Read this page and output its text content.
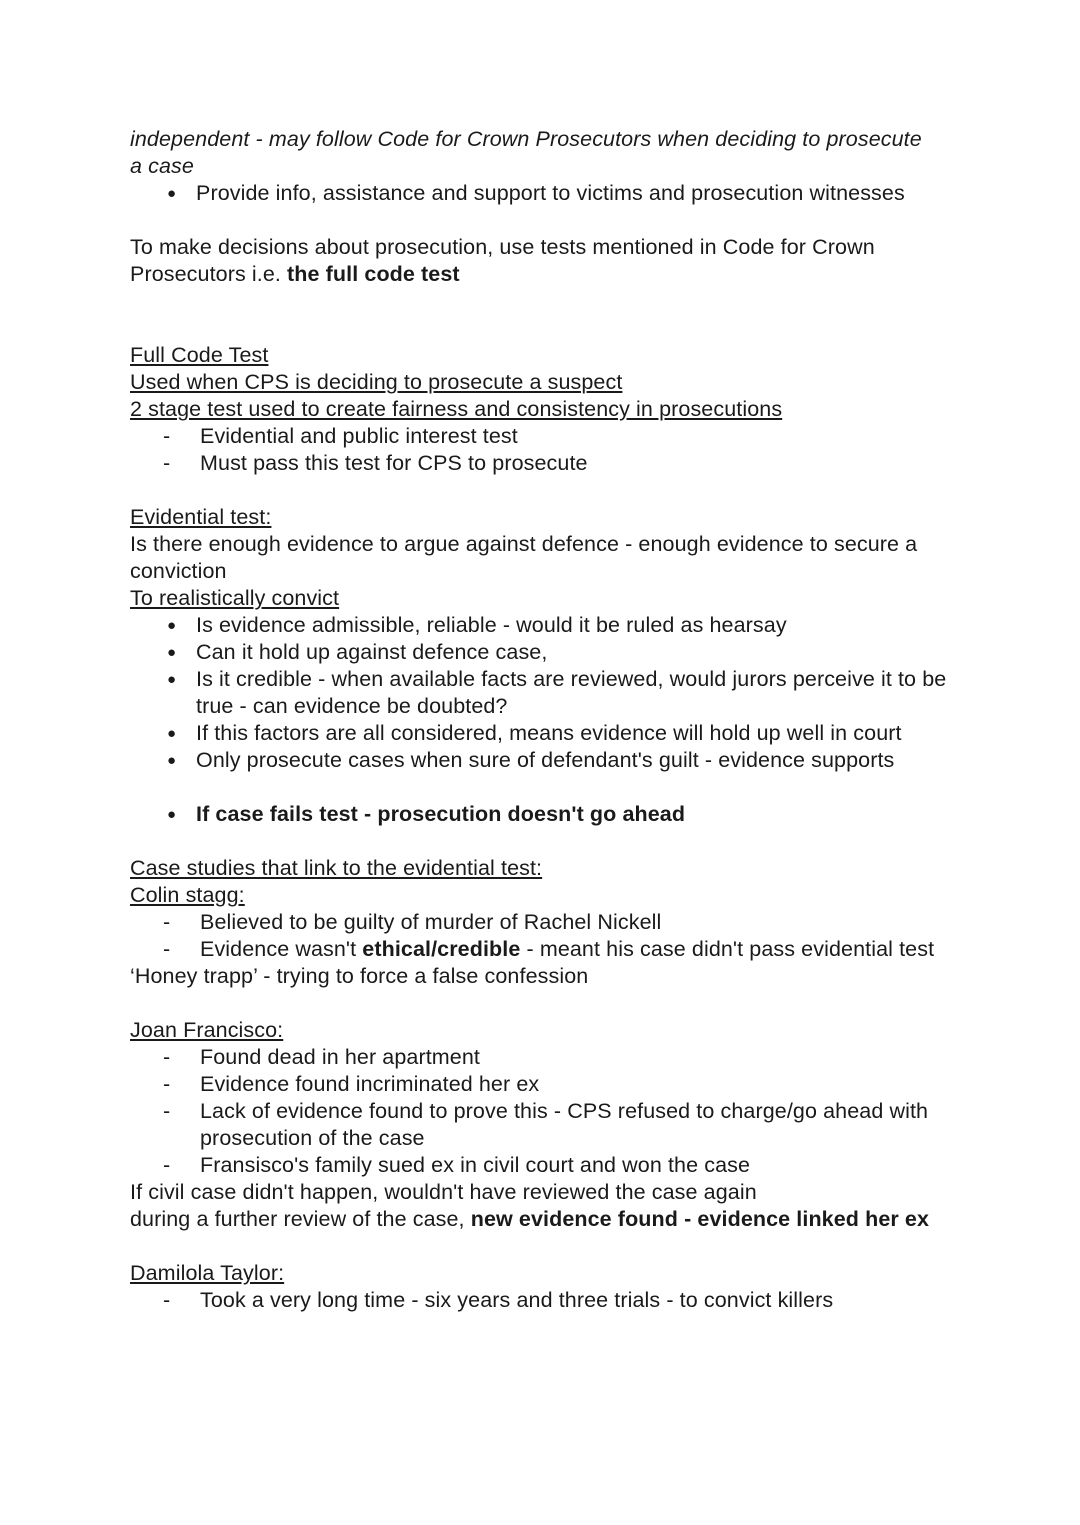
independent - may follow Code for Crown Prosecutors when deciding to prosecute a case

● Provide info, assistance and support to victims and prosecution witnesses

To make decisions about prosecution, use tests mentioned in Code for Crown Prosecutors i.e. the full code test

Full Code Test

Used when CPS is deciding to prosecute a suspect

2 stage test used to create fairness and consistency in prosecutions

-	Evidential and public interest test
-	Must pass this test for CPS to prosecute

Evidential test:

Is there enough evidence to argue against defence - enough evidence to secure a conviction

To realistically convict

● Is evidence admissible, reliable - would it be ruled as hearsay
● Can it hold up against defence case,
● Is it credible - when available facts are reviewed, would jurors perceive it to be true - can evidence be doubted?
● If this factors are all considered, means evidence will hold up well in court
● Only prosecute cases when sure of defendant's guilt - evidence supports
● If case fails test - prosecution doesn't go ahead

Case studies that link to the evidential test:

Colin stagg:

-	Believed to be guilty of murder of Rachel Nickell
-	Evidence wasn't ethical/credible - meant his case didn't pass evidential test

‘Honey trapp’ - trying to force a false confession

Joan Francisco:

-	Found dead in her apartment
-	Evidence found incriminated her ex
-	Lack of evidence found to prove this - CPS refused to charge/go ahead with prosecution of the case
-	Fransisco's family sued ex in civil court and won the case

If civil case didn't happen, wouldn't have reviewed the case again

during a further review of the case, new evidence found - evidence linked her ex

Damilola Taylor:

-	Took a very long time - six years and three trials - to convict killers
